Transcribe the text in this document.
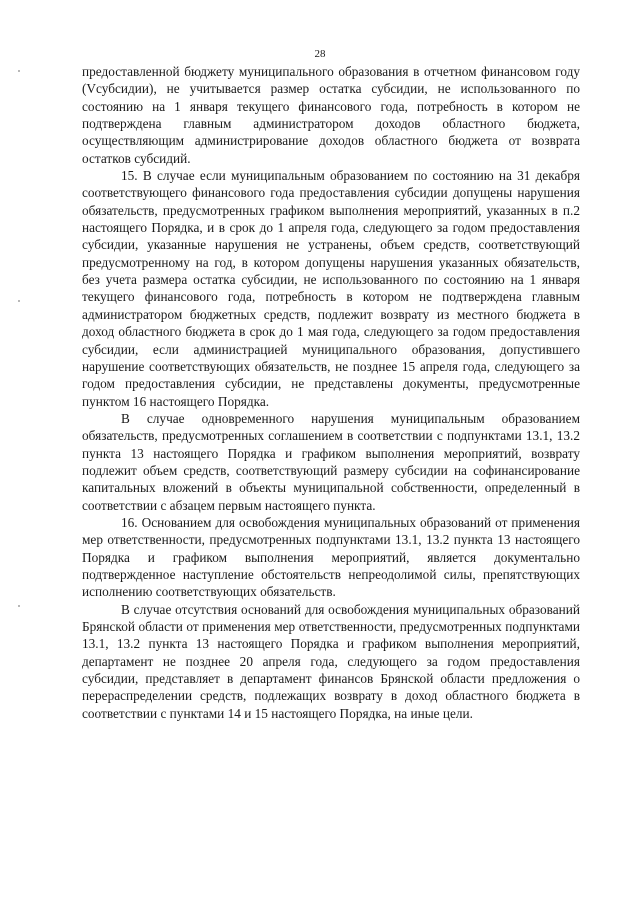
28

предоставленной бюджету муниципального образования в отчетном финансовом году (Vсубсидии), не учитывается размер остатка субсидии, не использованного по состоянию на 1 января текущего финансового года, потребность в котором не подтверждена главным администратором доходов областного бюджета, осуществляющим администрирование доходов областного бюджета от возврата остатков субсидий.

15. В случае если муниципальным образованием по состоянию на 31 декабря соответствующего финансового года предоставления субсидии допущены нарушения обязательств, предусмотренных графиком выполнения мероприятий, указанных в п.2 настоящего Порядка, и в срок до 1 апреля года, следующего за годом предоставления субсидии, указанные нарушения не устранены, объем средств, соответствующий предусмотренному на год, в котором допущены нарушения указанных обязательств, без учета размера остатка субсидии, не использованного по состоянию на 1 января текущего финансового года, потребность в котором не подтверждена главным администратором бюджетных средств, подлежит возврату из местного бюджета в доход областного бюджета в срок до 1 мая года, следующего за годом предоставления субсидии, если администрацией муниципального образования, допустившего нарушение соответствующих обязательств, не позднее 15 апреля года, следующего за годом предоставления субсидии, не представлены документы, предусмотренные пунктом 16 настоящего Порядка.

В случае одновременного нарушения муниципальным образованием обязательств, предусмотренных соглашением в соответствии с подпунктами 13.1, 13.2 пункта 13 настоящего Порядка и графиком выполнения мероприятий, возврату подлежит объем средств, соответствующий размеру субсидии на софинансирование капитальных вложений в объекты муниципальной собственности, определенный в соответствии с абзацем первым настоящего пункта.

16. Основанием для освобождения муниципальных образований от применения мер ответственности, предусмотренных подпунктами 13.1, 13.2 пункта 13 настоящего Порядка и графиком выполнения мероприятий, является документально подтвержденное наступление обстоятельств непреодолимой силы, препятствующих исполнению соответствующих обязательств.

В случае отсутствия оснований для освобождения муниципальных образований Брянской области от применения мер ответственности, предусмотренных подпунктами 13.1, 13.2 пункта 13 настоящего Порядка и графиком выполнения мероприятий, департамент не позднее 20 апреля года, следующего за годом предоставления субсидии, представляет в департамент финансов Брянской области предложения о перераспределении средств, подлежащих возврату в доход областного бюджета в соответствии с пунктами 14 и 15 настоящего Порядка, на иные цели.
